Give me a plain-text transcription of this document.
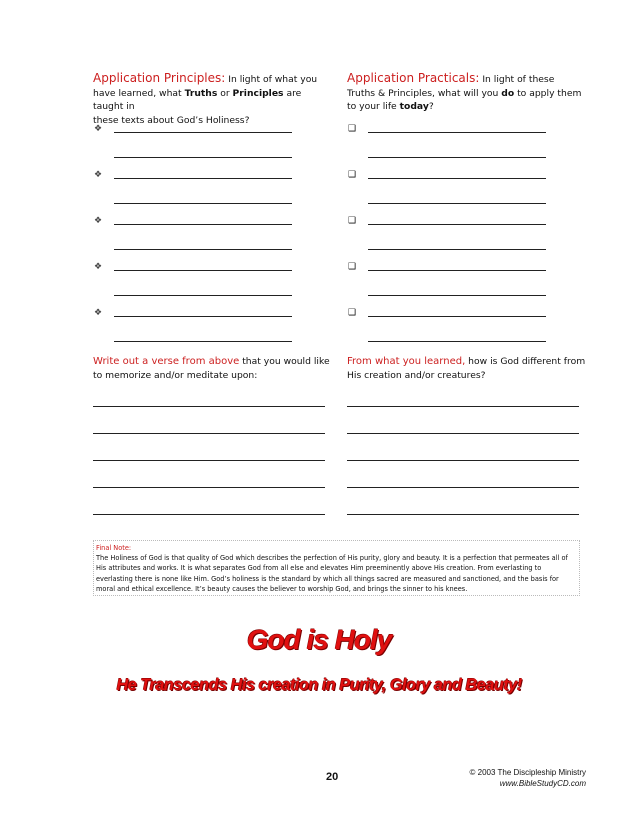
Application Principles: In light of what you
have learned, what Truths or Principles are taught in
these texts about God’s Holiness?
Application Practicals: In light of these
Truths & Principles, what will you do to apply them
to your life today?
❖
❖
❖
❖
❖
❑
❑
❑
❑
❑
Write out a verse from above that you would like
to memorize and/or meditate upon:
From what you learned, how is God different from
His creation and/or creatures?
Final Note:
The Holiness of God is that quality of God which describes the perfection of His purity, glory and beauty. It is a perfection that permeates all of His attributes and works. It is what separates God from all else and elevates Him preeminently above His creation. From everlasting to everlasting there is none like Him. God’s holiness is the standard by which all things sacred are measured and sanctioned, and the basis for moral and ethical excellence. It’s beauty causes the believer to worship God, and brings the sinner to his knees.
God is Holy
He Transcends His creation in Purity, Glory and Beauty!
20	© 2003 The Discipleship Ministry
www.BibleStudyCD.com
